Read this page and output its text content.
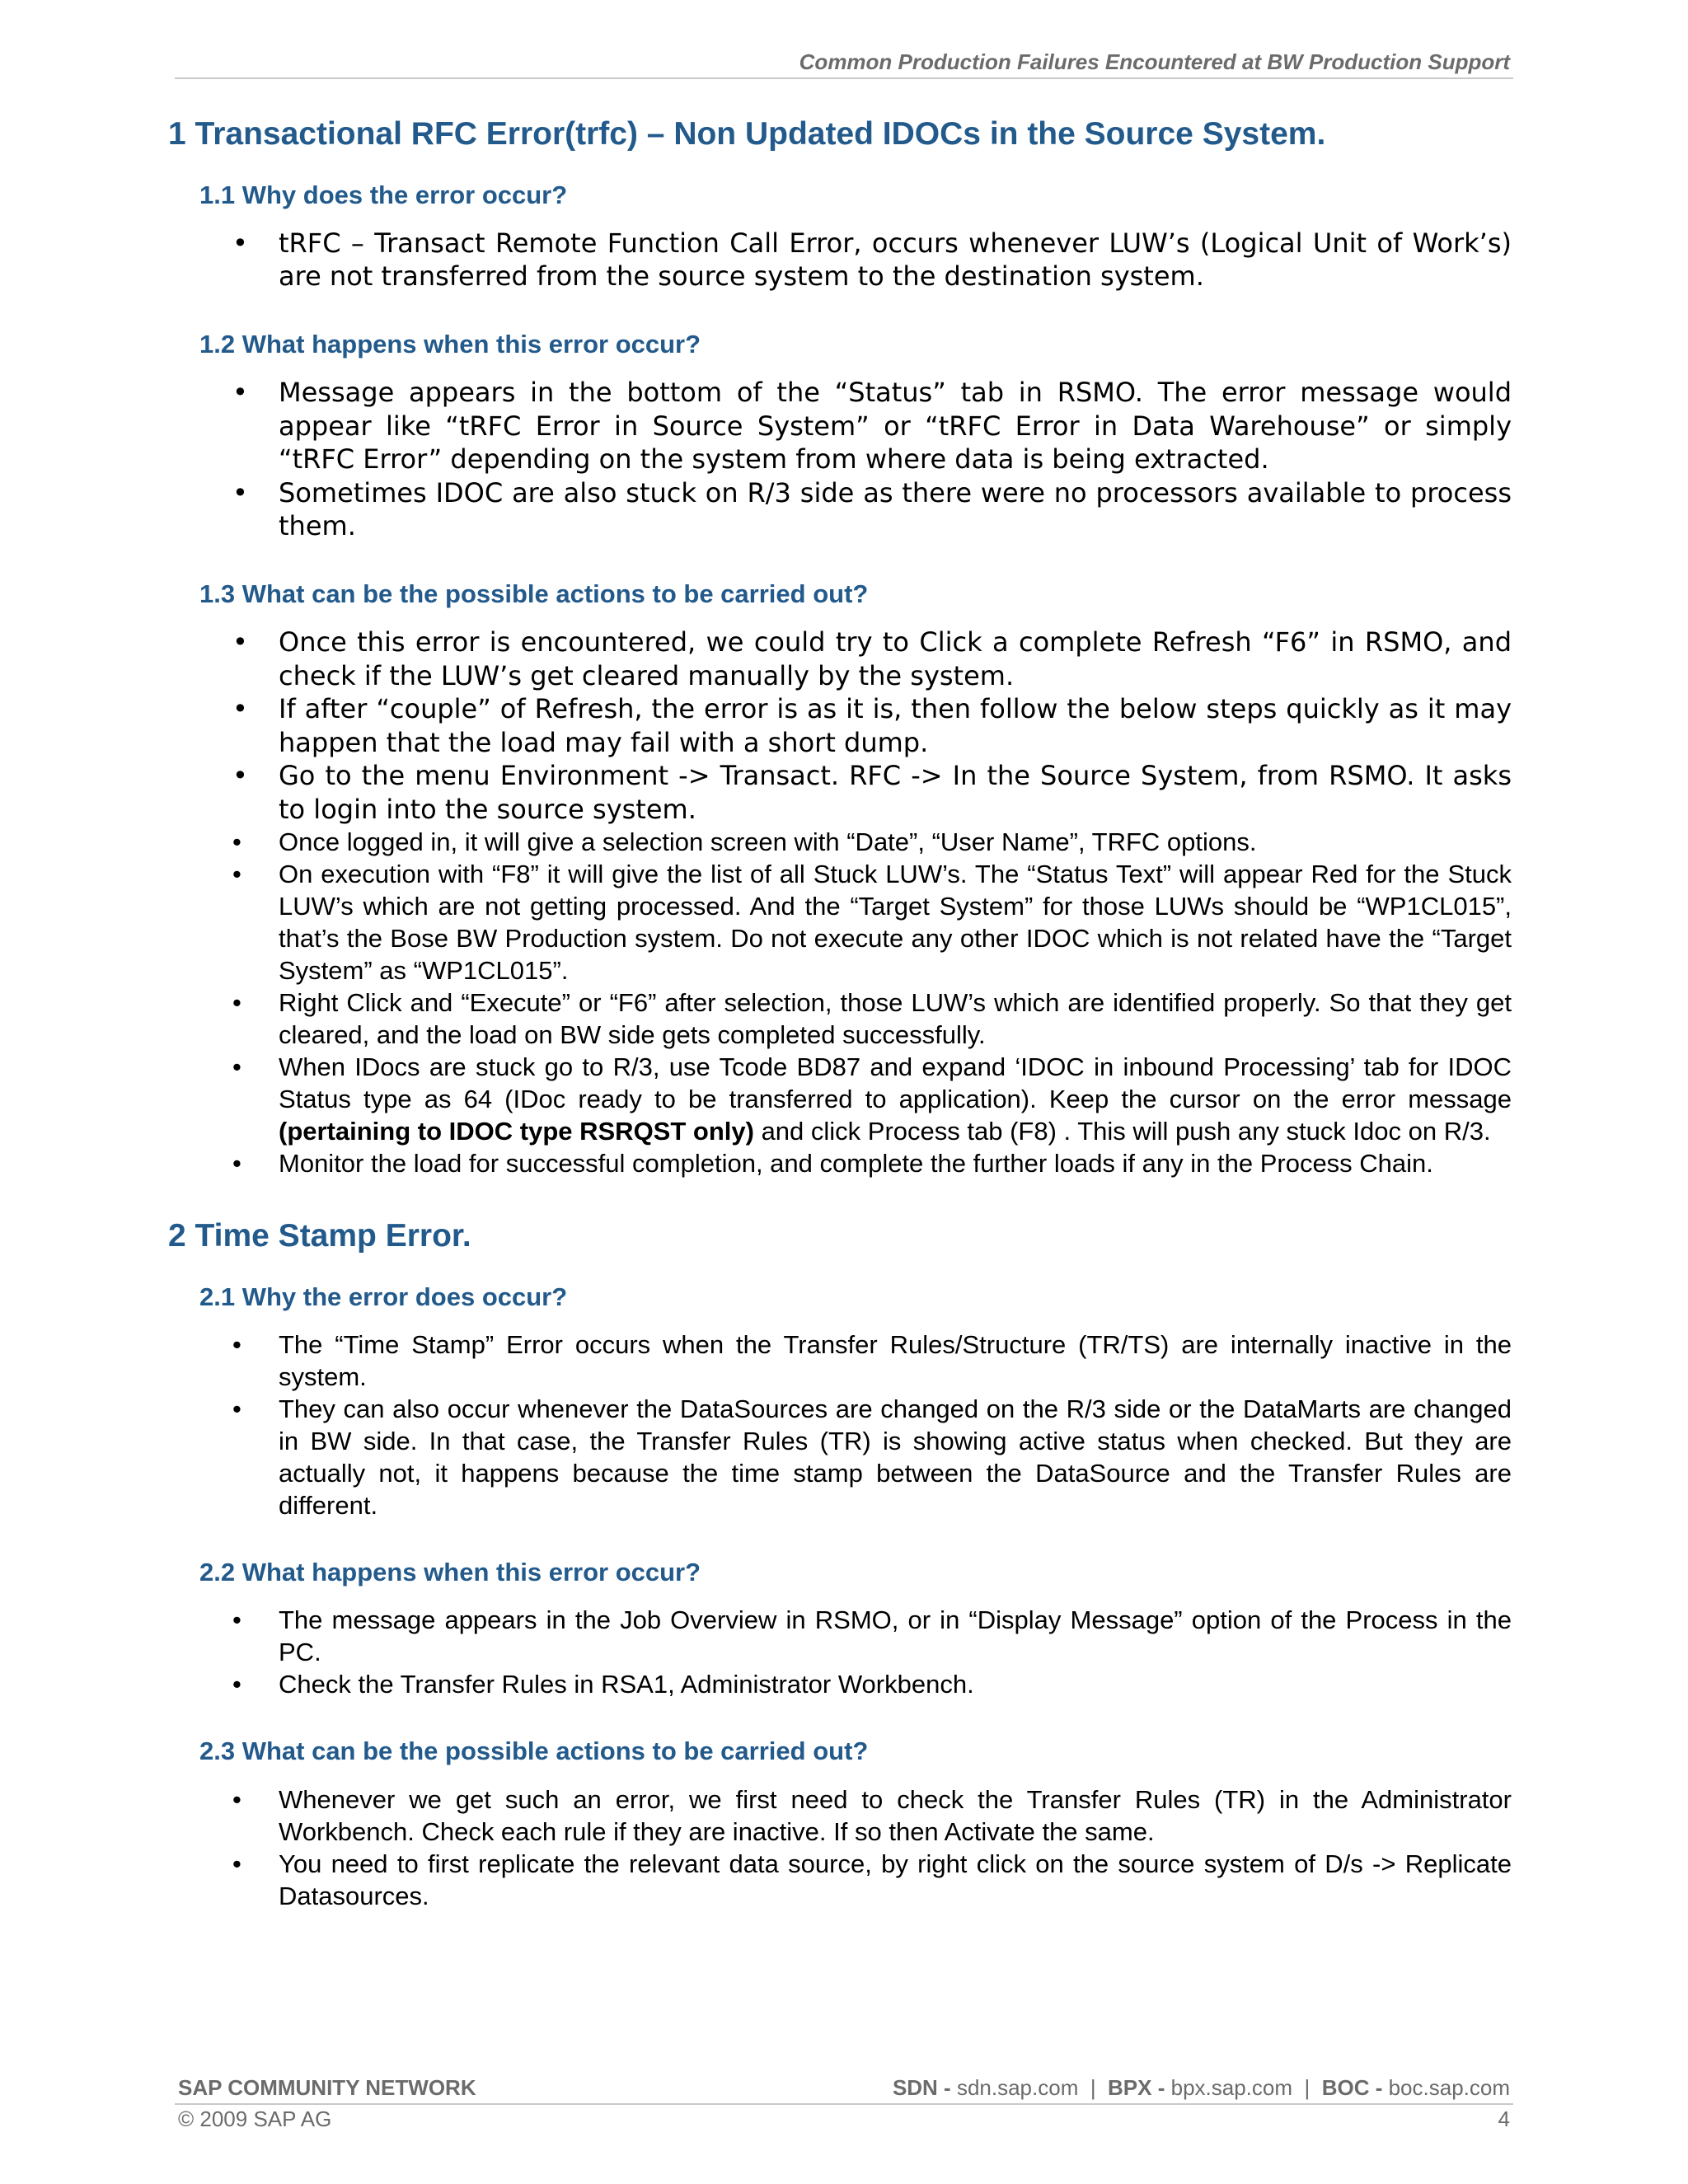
Common Production Failures Encountered at BW Production Support
1 Transactional RFC Error(trfc) – Non Updated IDOCs in the Source System.
1.1 Why does the error occur?
• tRFC – Transact Remote Function Call Error, occurs whenever LUW’s (Logical Unit of Work’s) are not transferred from the source system to the destination system.
1.2 What happens when this error occur?
• Message appears in the bottom of the “Status” tab in RSMO. The error message would appear like “tRFC Error in Source System” or “tRFC Error in Data Warehouse” or simply “tRFC Error” depending on the system from where data is being extracted.
• Sometimes IDOC are also stuck on R/3 side as there were no processors available to process them.
1.3 What can be the possible actions to be carried out?
• Once this error is encountered, we could try to Click a complete Refresh “F6” in RSMO, and check if the LUW’s get cleared manually by the system.
• If after “couple” of Refresh, the error is as it is, then follow the below steps quickly as it may happen that the load may fail with a short dump.
• Go to the menu Environment -> Transact. RFC -> In the Source System, from RSMO. It asks to login into the source system.
• Once logged in, it will give a selection screen with “Date”, “User Name”, TRFC options.
• On execution with “F8” it will give the list of all Stuck LUW’s. The “Status Text” will appear Red for the Stuck LUW’s which are not getting processed. And the “Target System” for those LUWs should be “WP1CL015”, that’s the Bose BW Production system. Do not execute any other IDOC which is not related have the “Target System” as “WP1CL015”.
• Right Click and “Execute” or “F6” after selection, those LUW’s which are identified properly. So that they get cleared, and the load on BW side gets completed successfully.
• When IDocs are stuck go to R/3, use Tcode BD87 and expand ‘IDOC in inbound Processing’ tab for IDOC Status type as 64 (IDoc ready to be transferred to application). Keep the cursor on the error message (pertaining to IDOC type RSRQST only) and click Process tab (F8) . This will push any stuck Idoc on R/3.
• Monitor the load for successful completion, and complete the further loads if any in the Process Chain.
2 Time Stamp Error.
2.1 Why the error does occur?
• The “Time Stamp” Error occurs when the Transfer Rules/Structure (TR/TS) are internally inactive in the system.
• They can also occur whenever the DataSources are changed on the R/3 side or the DataMarts are changed in BW side. In that case, the Transfer Rules (TR) is showing active status when checked. But they are actually not, it happens because the time stamp between the DataSource and the Transfer Rules are different.
2.2 What happens when this error occur?
• The message appears in the Job Overview in RSMO, or in “Display Message” option of the Process in the PC.
• Check the Transfer Rules in RSA1, Administrator Workbench.
2.3 What can be the possible actions to be carried out?
• Whenever we get such an error, we first need to check the Transfer Rules (TR) in the Administrator Workbench. Check each rule if they are inactive. If so then Activate the same.
• You need to first replicate the relevant data source, by right click on the source system of D/s -> Replicate Datasources.
SAP COMMUNITY NETWORK	SDN - sdn.sap.com | BPX - bpx.sap.com | BOC - boc.sap.com
© 2009 SAP AG	4
